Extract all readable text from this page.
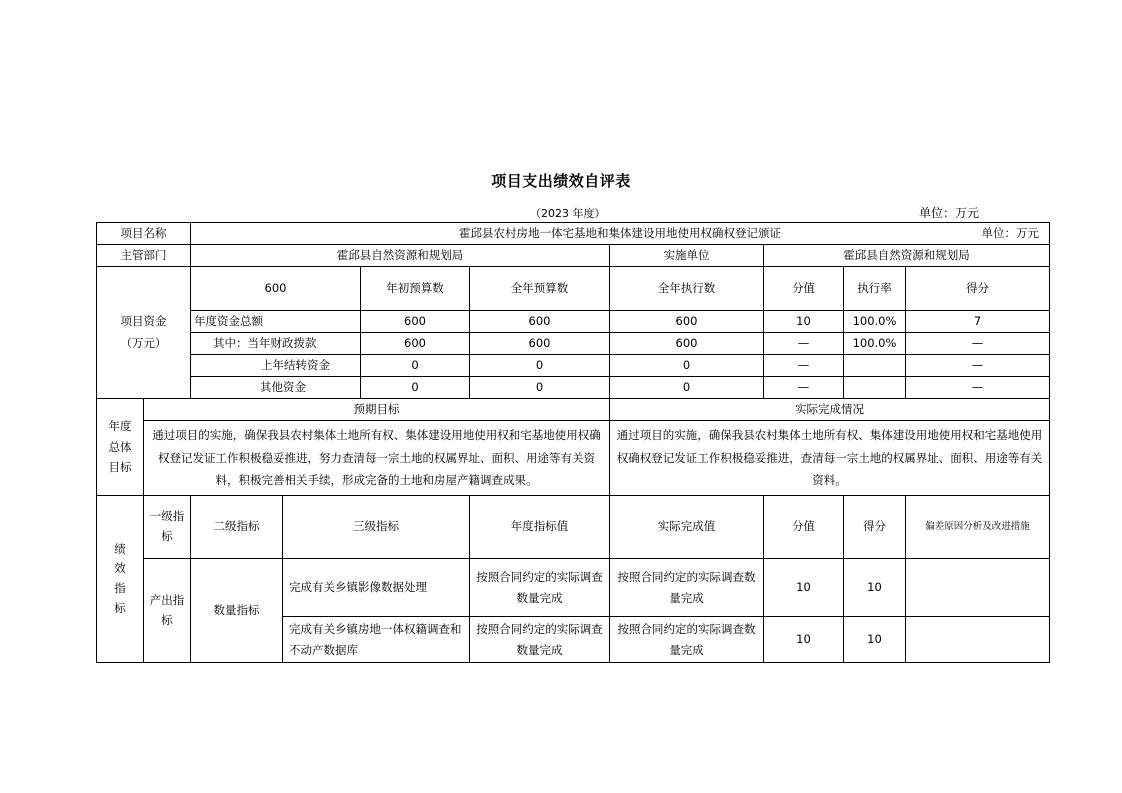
项目支出绩效自评表
（2023 年度）	单位：万元
项目名称		霍邱县农村房地一体宅基地和集体建设用地使用权确权登记颁证 单位：万元							

主管部门		霍邱县自然资源和规划局				实施单位	霍邱县自然资源和规划局		
项目资金
（万元）		600		年初预算数	全年预算数	全年执行数	分值	执行率	得分
		年度资金总额		600	600	600	10	100.0%	7
		其中：当年财政拨款		600	600	600	—	100.0%	—
		上年结转资金		0	0	0	—		—
		其他资金		0	0	0	—		—
年度
总体
目标	预期目标					实际完成情况			
	通过项目的实施，确保我县农村集体土地所有权、集体建设用地使用权和宅基地使用权确权登记发证工作积极稳妥推进，努力查清每一宗土地的权属界址、面积、用途等有关资料，积极完善相关手续，形成完备的土地和房屋产籍调查成果。					通过项目的实施，确保我县农村集体土地所有权、集体建设用地使用权和宅基地使用权确权登记发证工作积极稳妥推进，查清每一宗土地的权属界址、面积、用途等有关资料。			
绩
效
指
标	一级指标	二级指标	三级指标		年度指标值	实际完成值	分值	得分	偏差原因分析及改进措施
	产出指标	数量指标	完成有关乡镇影像数据处理		按照合同约定的实际调查数量完成	按照合同约定的实际调查数量完成	10	10	
			完成有关乡镇房地一体权籍调查和不动产数据库		按照合同约定的实际调查数量完成	按照合同约定的实际调查数量完成	10	10	
